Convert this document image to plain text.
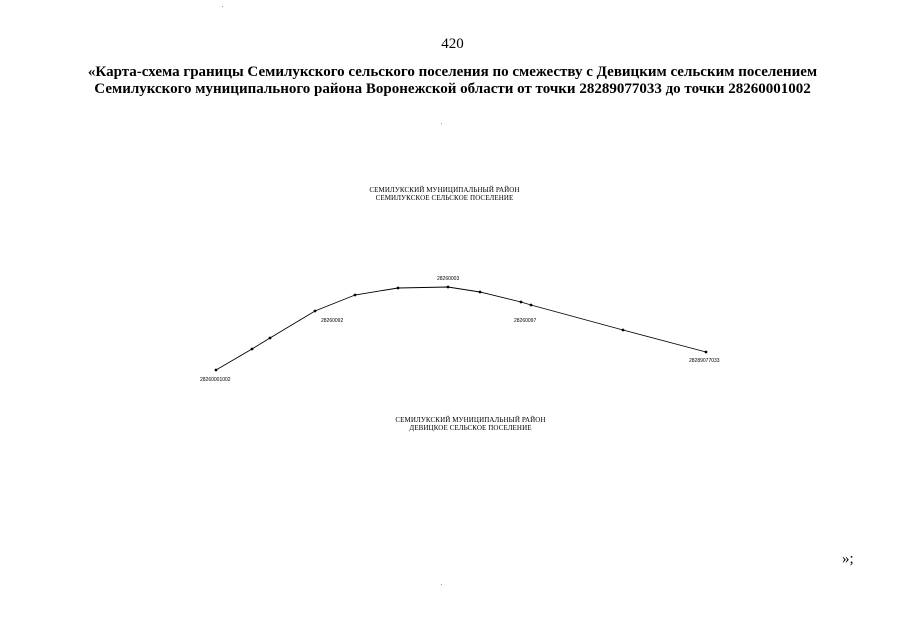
420
«Карта-схема границы Семилукского сельского поселения по смежеству с Девицким сельским поселением
Семилукского муниципального района Воронежской области от точки 28289077033 до точки 28260001002
СЕМИЛУКСКИЙ МУНИЦИПАЛЬНЫЙ РАЙОН
СЕМИЛУКСКОЕ СЕЛЬСКОЕ ПОСЕЛЕНИЕ
28260001002
28260092
28260003
28260097
28289077033
СЕМИЛУКСКИЙ МУНИЦИПАЛЬНЫЙ РАЙОН
ДЕВИЦКОЕ СЕЛЬСКОЕ ПОСЕЛЕНИЕ
»;
